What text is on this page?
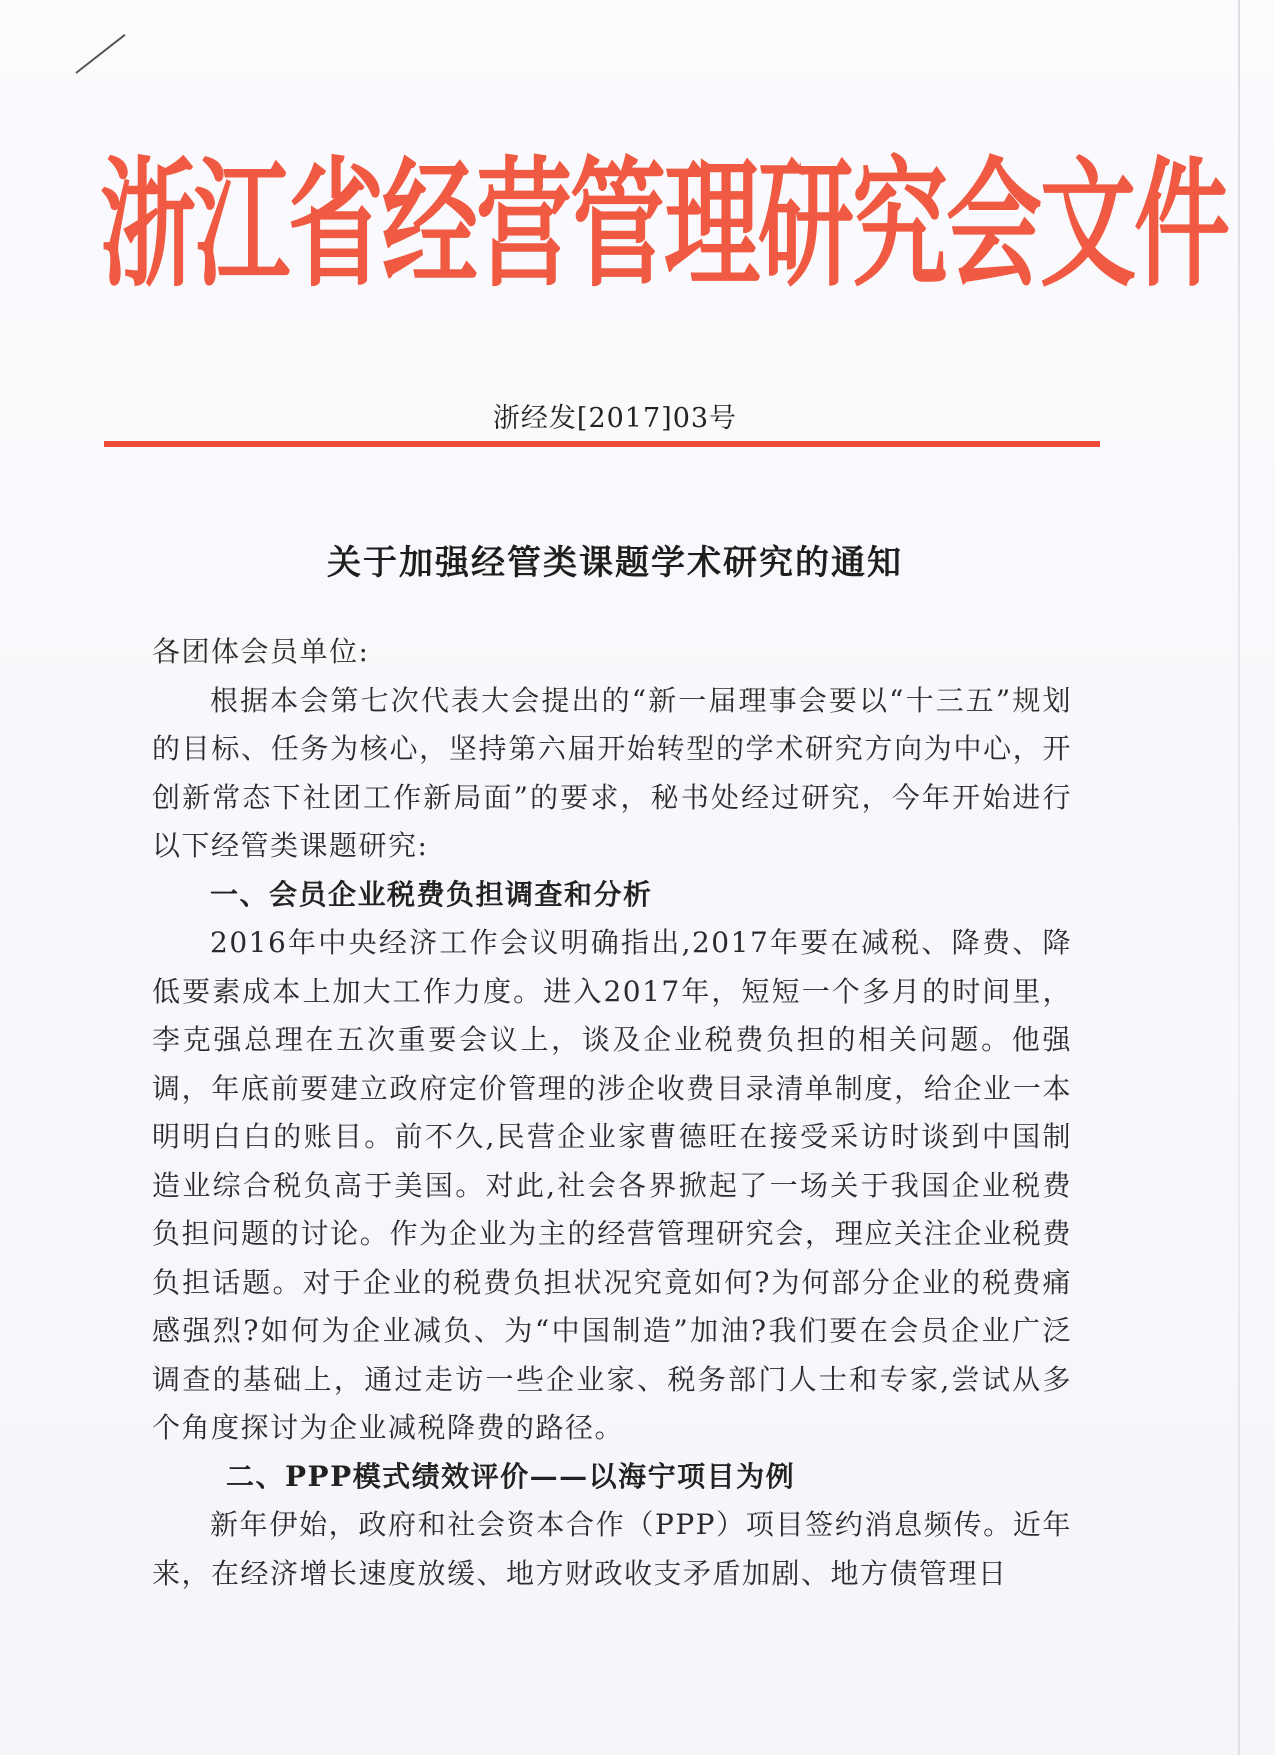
浙江省经营管理研究会文件
浙经发[2017]03号
关于加强经管类课题学术研究的通知

各团体会员单位:

根据本会第七次代表大会提出的“新一届理事会要以“十三五”规划的目标、任务为核心，坚持第六届开始转型的学术研究方向为中心，开创新常态下社团工作新局面”的要求，秘书处经过研究，今年开始进行以下经管类课题研究:

一、会员企业税费负担调查和分析

2016年中央经济工作会议明确指出,2017年要在减税、降费、降低要素成本上加大工作力度。进入2017年，短短一个多月的时间里，李克强总理在五次重要会议上，谈及企业税费负担的相关问题。他强调，年底前要建立政府定价管理的涉企收费目录清单制度，给企业一本明明白白的账目。前不久,民营企业家曹德旺在接受采访时谈到中国制造业综合税负高于美国。对此,社会各界掀起了一场关于我国企业税费负担问题的讨论。作为企业为主的经营管理研究会，理应关注企业税费负担话题。对于企业的税费负担状况究竟如何?为何部分企业的税费痛感强烈?如何为企业减负、为“中国制造”加油?我们要在会员企业广泛调查的基础上，通过走访一些企业家、税务部门人士和专家,尝试从多个角度探讨为企业减税降费的路径。

二、PPP模式绩效评价——以海宁项目为例

新年伊始，政府和社会资本合作（PPP）项目签约消息频传。近年来，在经济增长速度放缓、地方财政收支矛盾加剧、地方债管理日
